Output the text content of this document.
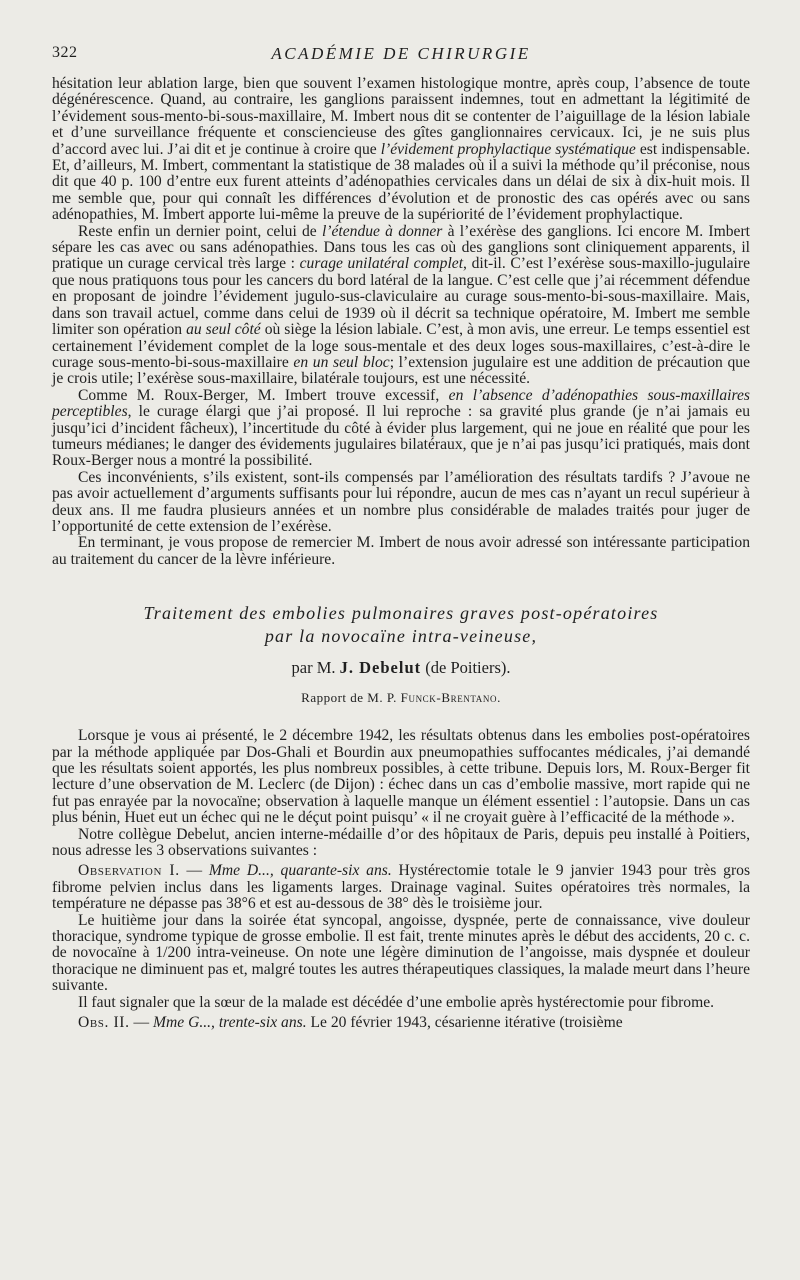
322	ACADÉMIE DE CHIRURGIE

hésitation leur ablation large, bien que souvent l’examen histologique montre, après coup, l’absence de toute dégénérescence. Quand, au contraire, les ganglions paraissent indemnes, tout en admettant la légitimité de l’évidement sous-mento-bi-sous-maxillaire, M. Imbert nous dit se contenter de l’aiguillage de la lésion labiale et d’une surveillance fréquente et consciencieuse des gîtes ganglionnaires cervicaux. Ici, je ne suis plus d’accord avec lui. J’ai dit et je continue à croire que l’évidement prophylactique systématique est indispensable. Et, d’ailleurs, M. Imbert, commentant la statistique de 38 malades où il a suivi la méthode qu’il préconise, nous dit que 40 p. 100 d’entre eux furent atteints d’adénopathies cervicales dans un délai de six à dix-huit mois. Il me semble que, pour qui connaît les différences d’évolution et de pronostic des cas opérés avec ou sans adénopathies, M. Imbert apporte lui-même la preuve de la supériorité de l’évidement prophylactique.

Reste enfin un dernier point, celui de l’étendue à donner à l’exérèse des ganglions. Ici encore M. Imbert sépare les cas avec ou sans adénopathies. Dans tous les cas où des ganglions sont cliniquement apparents, il pratique un curage cervical très large : curage unilatéral complet, dit-il. C’est l’exérèse sous-maxillo-jugulaire que nous pratiquons tous pour les cancers du bord latéral de la langue. C’est celle que j’ai récemment défendue en proposant de joindre l’évidement jugulo-sus-claviculaire au curage sous-mento-bi-sous-maxillaire. Mais, dans son travail actuel, comme dans celui de 1939 où il décrit sa technique opératoire, M. Imbert me semble limiter son opération au seul côté où siège la lésion labiale. C’est, à mon avis, une erreur. Le temps essentiel est certainement l’évidement complet de la loge sous-mentale et des deux loges sous-maxillaires, c’est-à-dire le curage sous-mento-bi-sous-maxillaire en un seul bloc; l’extension jugulaire est une addition de précaution que je crois utile; l’exérèse sous-maxillaire, bilatérale toujours, est une nécessité.

Comme M. Roux-Berger, M. Imbert trouve excessif, en l’absence d’adénopathies sous-maxillaires perceptibles, le curage élargi que j’ai proposé. Il lui reproche : sa gravité plus grande (je n’ai jamais eu jusqu’ici d’incident fâcheux), l’incertitude du côté à évider plus largement, qui ne joue en réalité que pour les tumeurs médianes; le danger des évidements jugulaires bilatéraux, que je n’ai pas jusqu’ici pratiqués, mais dont Roux-Berger nous a montré la possibilité.

Ces inconvénients, s’ils existent, sont-ils compensés par l’amélioration des résultats tardifs ? J’avoue ne pas avoir actuellement d’arguments suffisants pour lui répondre, aucun de mes cas n’ayant un recul supérieur à deux ans. Il me faudra plusieurs années et un nombre plus considérable de malades traités pour juger de l’opportunité de cette extension de l’exérèse.

En terminant, je vous propose de remercier M. Imbert de nous avoir adressé son intéressante participation au traitement du cancer de la lèvre inférieure.

Traitement des embolies pulmonaires graves post-opératoires
par la novocaïne intra-veineuse,
par M. J. Debelut (de Poitiers).
Rapport de M. P. Funck-Brentano.

Lorsque je vous ai présenté, le 2 décembre 1942, les résultats obtenus dans les embolies post-opératoires par la méthode appliquée par Dos-Ghali et Bourdin aux pneumopathies suffocantes médicales, j’ai demandé que les résultats soient apportés, les plus nombreux possibles, à cette tribune. Depuis lors, M. Roux-Berger fit lecture d’une observation de M. Leclerc (de Dijon) : échec dans un cas d’embolie massive, mort rapide qui ne fut pas enrayée par la novocaïne; observation à laquelle manque un élément essentiel : l’autopsie. Dans un cas plus bénin, Huet eut un échec qui ne le déçut point puisqu’ « il ne croyait guère à l’efficacité de la méthode ».

Notre collègue Debelut, ancien interne-médaille d’or des hôpitaux de Paris, depuis peu installé à Poitiers, nous adresse les 3 observations suivantes :

Observation I. — Mme D..., quarante-six ans. Hystérectomie totale le 9 janvier 1943 pour très gros fibrome pelvien inclus dans les ligaments larges. Drainage vaginal. Suites opératoires très normales, la température ne dépasse pas 38°6 et est au-dessous de 38° dès le troisième jour.

Le huitième jour dans la soirée état syncopal, angoisse, dyspnée, perte de connaissance, vive douleur thoracique, syndrome typique de grosse embolie. Il est fait, trente minutes après le début des accidents, 20 c. c. de novocaïne à 1/200 intra-veineuse. On note une légère diminution de l’angoisse, mais dyspnée et douleur thoracique ne diminuent pas et, malgré toutes les autres thérapeutiques classiques, la malade meurt dans l’heure suivante.

Il faut signaler que la sœur de la malade est décédée d’une embolie après hystérectomie pour fibrome.

Obs. II. — Mme G..., trente-six ans. Le 20 février 1943, césarienne itérative (troisième
